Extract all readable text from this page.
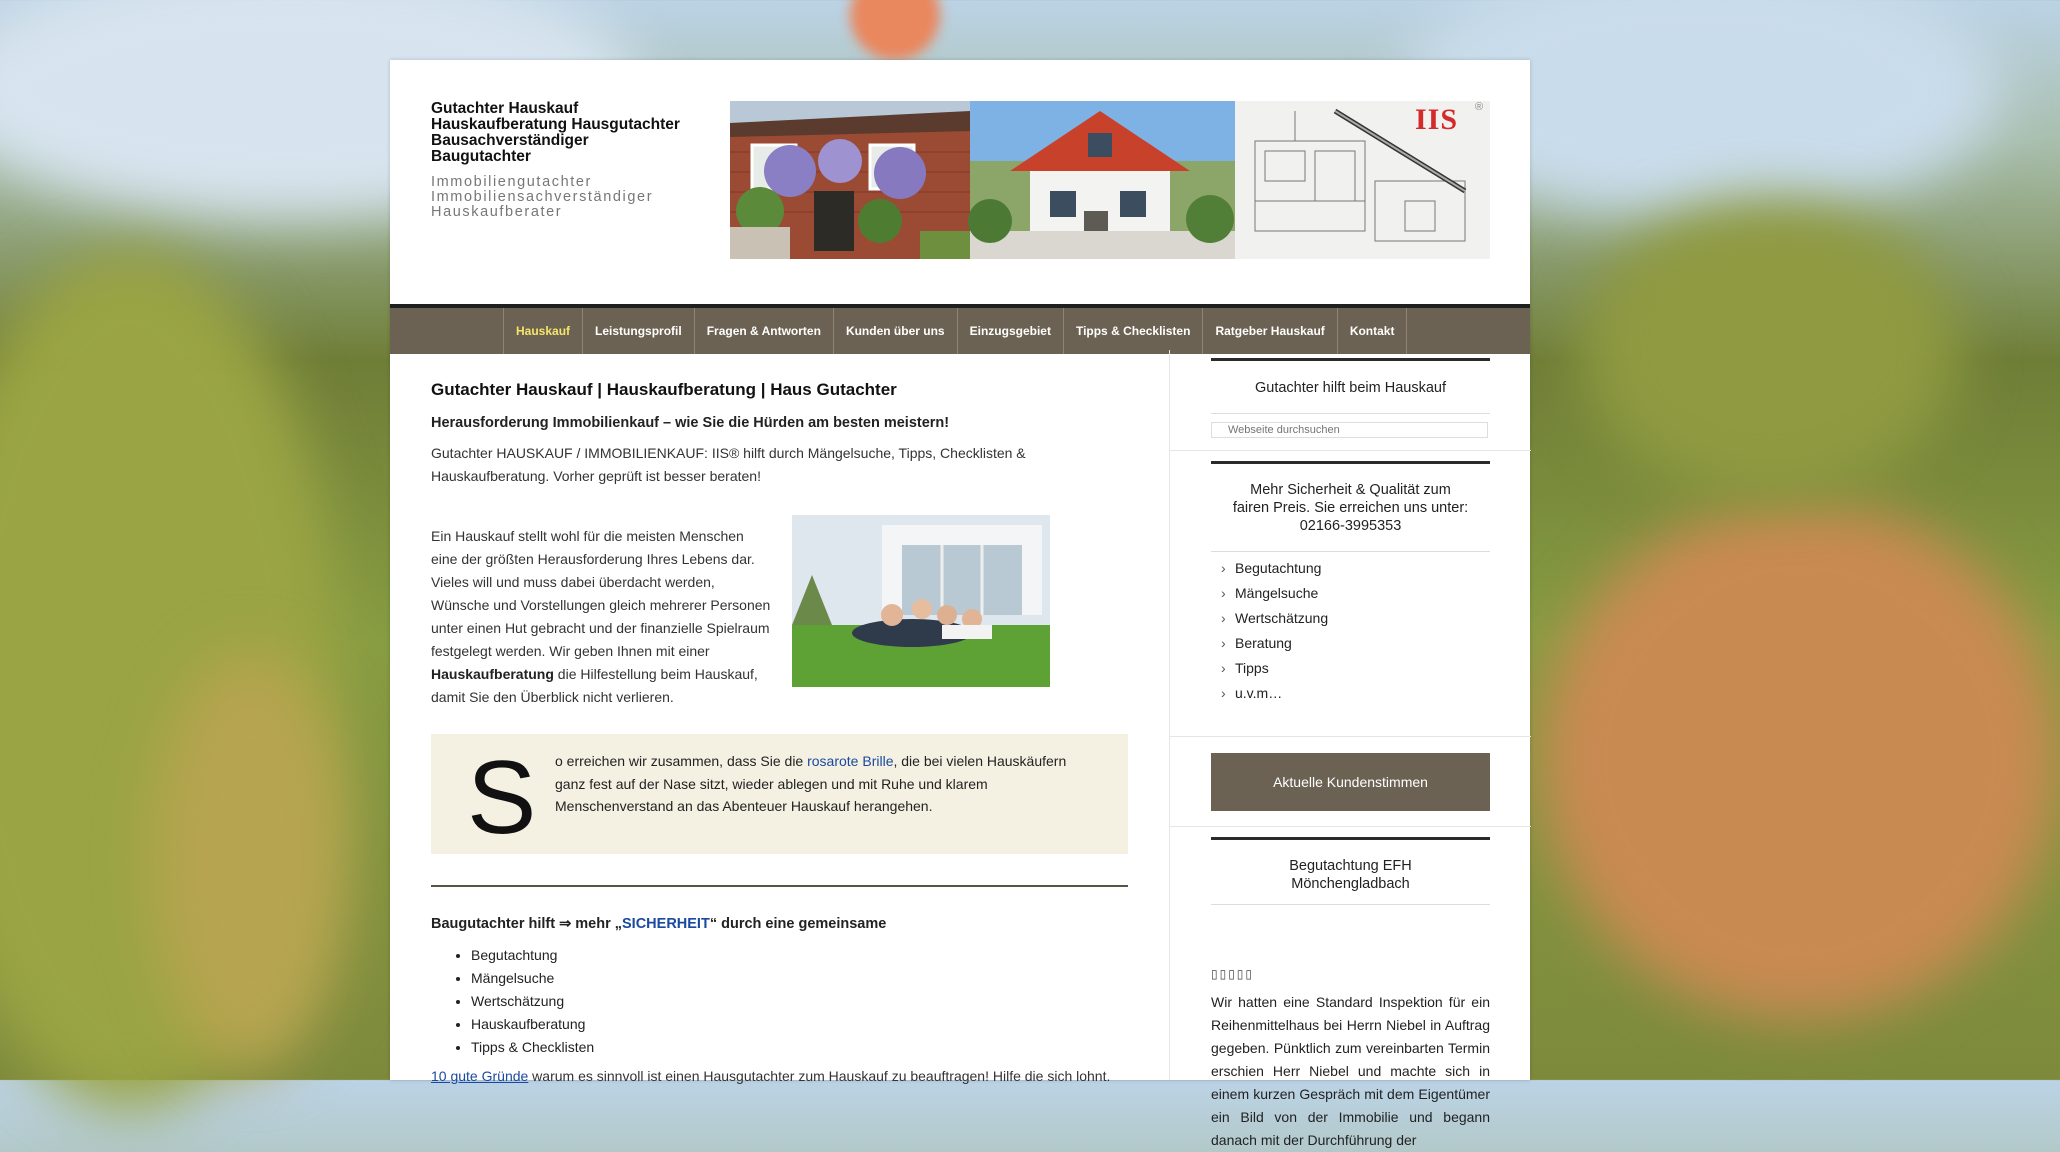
Gutachter Hauskauf
Hauskaufberatung Hausgutachter
Bausachverständiger
Baugutachter
Immobiliengutachter
Immobiliensachverständiger
Hauskaufberater
IIS ®
Hauskauf	Leistungsprofil	Fragen & Antworten	Kunden über uns	Einzugsgebiet	Tipps & Checklisten	Ratgeber Hauskauf	Kontakt
Gutachter Hauskauf | Hauskaufberatung | Haus Gutachter
Herausforderung Immobilienkauf – wie Sie die Hürden am besten meistern!

Gutachter HAUSKAUF / IMMOBILIENKAUF: IIS® hilft durch Mängelsuche, Tipps, Checklisten & Hauskaufberatung. Vorher geprüft ist besser beraten!

Ein Hauskauf stellt wohl für die meisten Menschen eine der größten Herausforderung Ihres Lebens dar. Vieles will und muss dabei überdacht werden, Wünsche und Vorstellungen gleich mehrerer Personen unter einen Hut gebracht und der finanzielle Spielraum festgelegt werden. Wir geben Ihnen mit einer Hauskaufberatung die Hilfestellung beim Hauskauf, damit Sie den Überblick nicht verlieren.

S o erreichen wir zusammen, dass Sie die rosarote Brille, die bei vielen Hauskäufern ganz fest auf der Nase sitzt, wieder ablegen und mit Ruhe und klarem Menschenverstand an das Abenteuer Hauskauf herangehen.
Baugutachter hilft ⇒ mehr „SICHERHEIT“ durch eine gemeinsame
• Begutachtung
• Mängelsuche
• Wertschätzung
• Hauskaufberatung
• Tipps & Checklisten

10 gute Gründe warum es sinnvoll ist einen Hausgutachter zum Hauskauf zu beauftragen! Hilfe die sich lohnt.

Gutachter hilft beim Hauskauf
Webseite durchsuchen
Mehr Sicherheit & Qualität zum
fairen Preis. Sie erreichen uns unter:
02166-3995353
› Begutachtung
› Mängelsuche
› Wertschätzung
› Beratung
› Tipps
› u.v.m…
Aktuelle Kundenstimmen
Begutachtung EFH
Mönchengladbach
▯▯▯▯▯

Wir hatten eine Standard Inspektion für ein Reihenmittelhaus bei Herrn Niebel in Auftrag gegeben. Pünktlich zum vereinbarten Termin erschien Herr Niebel und machte sich in einem kurzen Gespräch mit dem Eigentümer ein Bild von der Immobilie und begann danach mit der Durchführung der
